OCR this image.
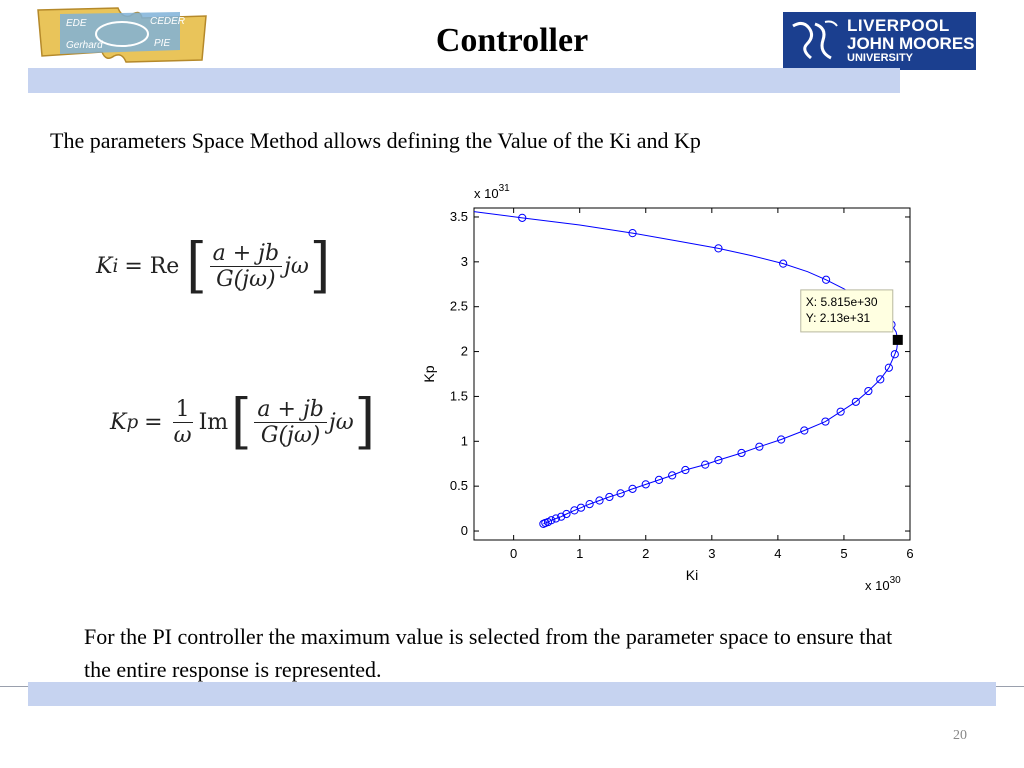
EDE	CEDER
Gerhard	PIE	Controller	LIVERPOOL
JOHN MOORES
UNIVERSITY
The parameters Space Method allows defining the Value of the Ki and Kp
K i = Re [ $\frac{a + jb}{G(j\omega)}$ jω ]
K $p = \frac{1}{\omega}$ Im [ $\frac{a + jb}{G(j\omega)}$ jω ]
0	1	2	3	4	5	6
0
0.5
1
1.5
2
2.5
3
3.5
X: 5.815e+30
Y: 2.13e+31
x $10^{31}$
x $10^{30}$
Ki
Kp
For the PI controller the maximum value is selected from the parameter space to ensure that the entire response is represented.
20
